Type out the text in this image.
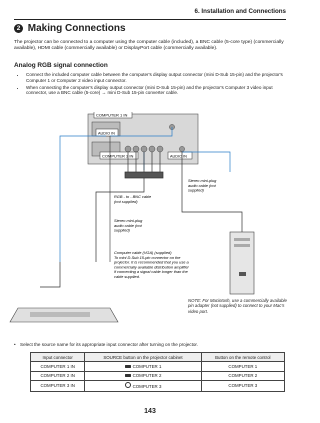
6. Installation and Connections
2 Making Connections
The projector can be connected to a computer using the computer cable (included), a BNC cable (5-core type) (commercially available), HDMI cable (commercially available) or DisplayPort cable (commercially available).
Analog RGB signal connection
• Connect the included computer cable between the computer's display output connector (mini D-Sub 15-pin) and the projector's Computer 1 or Computer 2 video input connector.
• When connecting the computer's display output connector (mini D-Sub 15-pin) and the projector's Computer 3 video input connector, use a BNC cable (5-core) → mini D-Sub 15-pin converter cable.
COMPUTER 1 IN
AUDIO IN
COMPUTER 3 IN	AUDIO IN
RGB - to - BNC cable (not supplied)
Stereo mini-plug audio cable (not supplied)
Stereo mini-plug audio cable (not supplied)
Computer cable (VGA) (supplied) To mini D-Sub 15-pin connector on the projector. It is recommended that you use a commercially available distribution amplifier if connecting a signal cable longer than the cable supplied.
NOTE: For Macintosh, use a commercially available pin adapter (not supplied) to connect to your Mac's video port.
• Select the source name for its appropriate input connector after turning on the projector.
Input connector	SOURCE button on the projector cabinet	Button on the remote control
COMPUTER 1 IN	COMPUTER 1	COMPUTER 1
COMPUTER 2 IN	COMPUTER 2	COMPUTER 2
COMPUTER 3 IN	COMPUTER 3	COMPUTER 3
143
